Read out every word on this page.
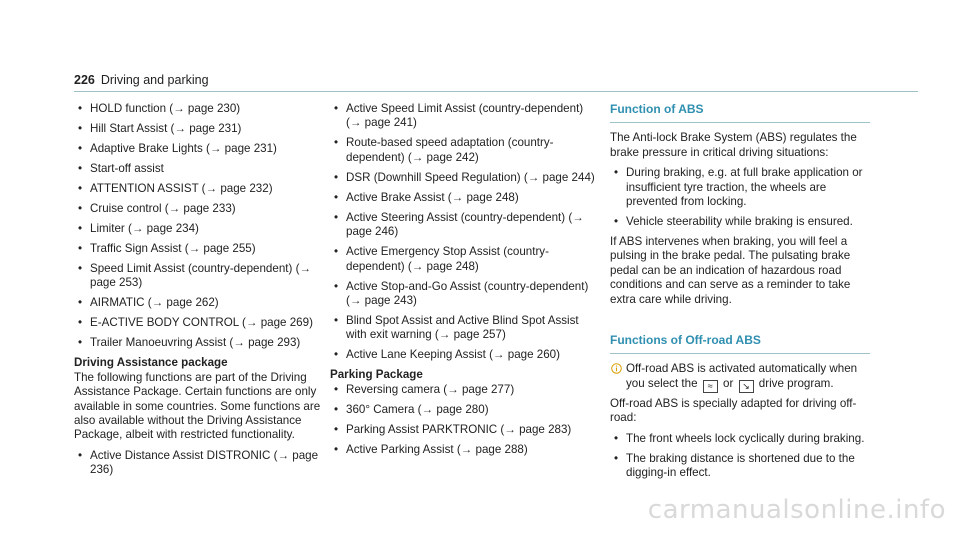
226 Driving and parking
• HOLD function (→ page 230)
• Hill Start Assist (→ page 231)
• Adaptive Brake Lights (→ page 231)
• Start-off assist
• ATTENTION ASSIST (→ page 232)
• Cruise control (→ page 233)
• Limiter (→ page 234)
• Traffic Sign Assist (→ page 255)
• Speed Limit Assist (country-dependent) (→ page 253)
• AIRMATIC (→ page 262)
• E-ACTIVE BODY CONTROL (→ page 269)
• Trailer Manoeuvring Assist (→ page 293)
Driving Assistance package

The following functions are part of the Driving Assistance Package. Certain functions are only available in some countries. Some functions are also available without the Driving Assistance Package, albeit with restricted functionality.

• Active Distance Assist DISTRONIC (→ page 236)
• Active Speed Limit Assist (country-dependent) (→ page 241)
• Route-based speed adaptation (country-dependent) (→ page 242)
• DSR (Downhill Speed Regulation) (→ page 244)
• Active Brake Assist (→ page 248)
• Active Steering Assist (country-dependent) (→ page 246)
• Active Emergency Stop Assist (country-dependent) (→ page 248)
• Active Stop-and-Go Assist (country-dependent) (→ page 243)
• Blind Spot Assist and Active Blind Spot Assist with exit warning (→ page 257)
• Active Lane Keeping Assist (→ page 260)
Parking Package
• Reversing camera (→ page 277)
• 360° Camera (→ page 280)
• Parking Assist PARKTRONIC (→ page 283)
• Active Parking Assist (→ page 288)
Function of ABS

The Anti-lock Brake System (ABS) regulates the brake pressure in critical driving situations:

• During braking, e.g. at full brake application or insufficient tyre traction, the wheels are prevented from locking.
• Vehicle steerability while braking is ensured.

If ABS intervenes when braking, you will feel a pulsing in the brake pedal. The pulsating brake pedal can be an indication of hazardous road conditions and can serve as a reminder to take extra care while driving.

Functions of Off-road ABS
Off-road ABS is activated automatically when you select the ≈ or ↘ drive program.

Off-road ABS is specially adapted for driving off-road:

• The front wheels lock cyclically during braking.
• The braking distance is shortened due to the digging-in effect.
carmanualsonline.info
